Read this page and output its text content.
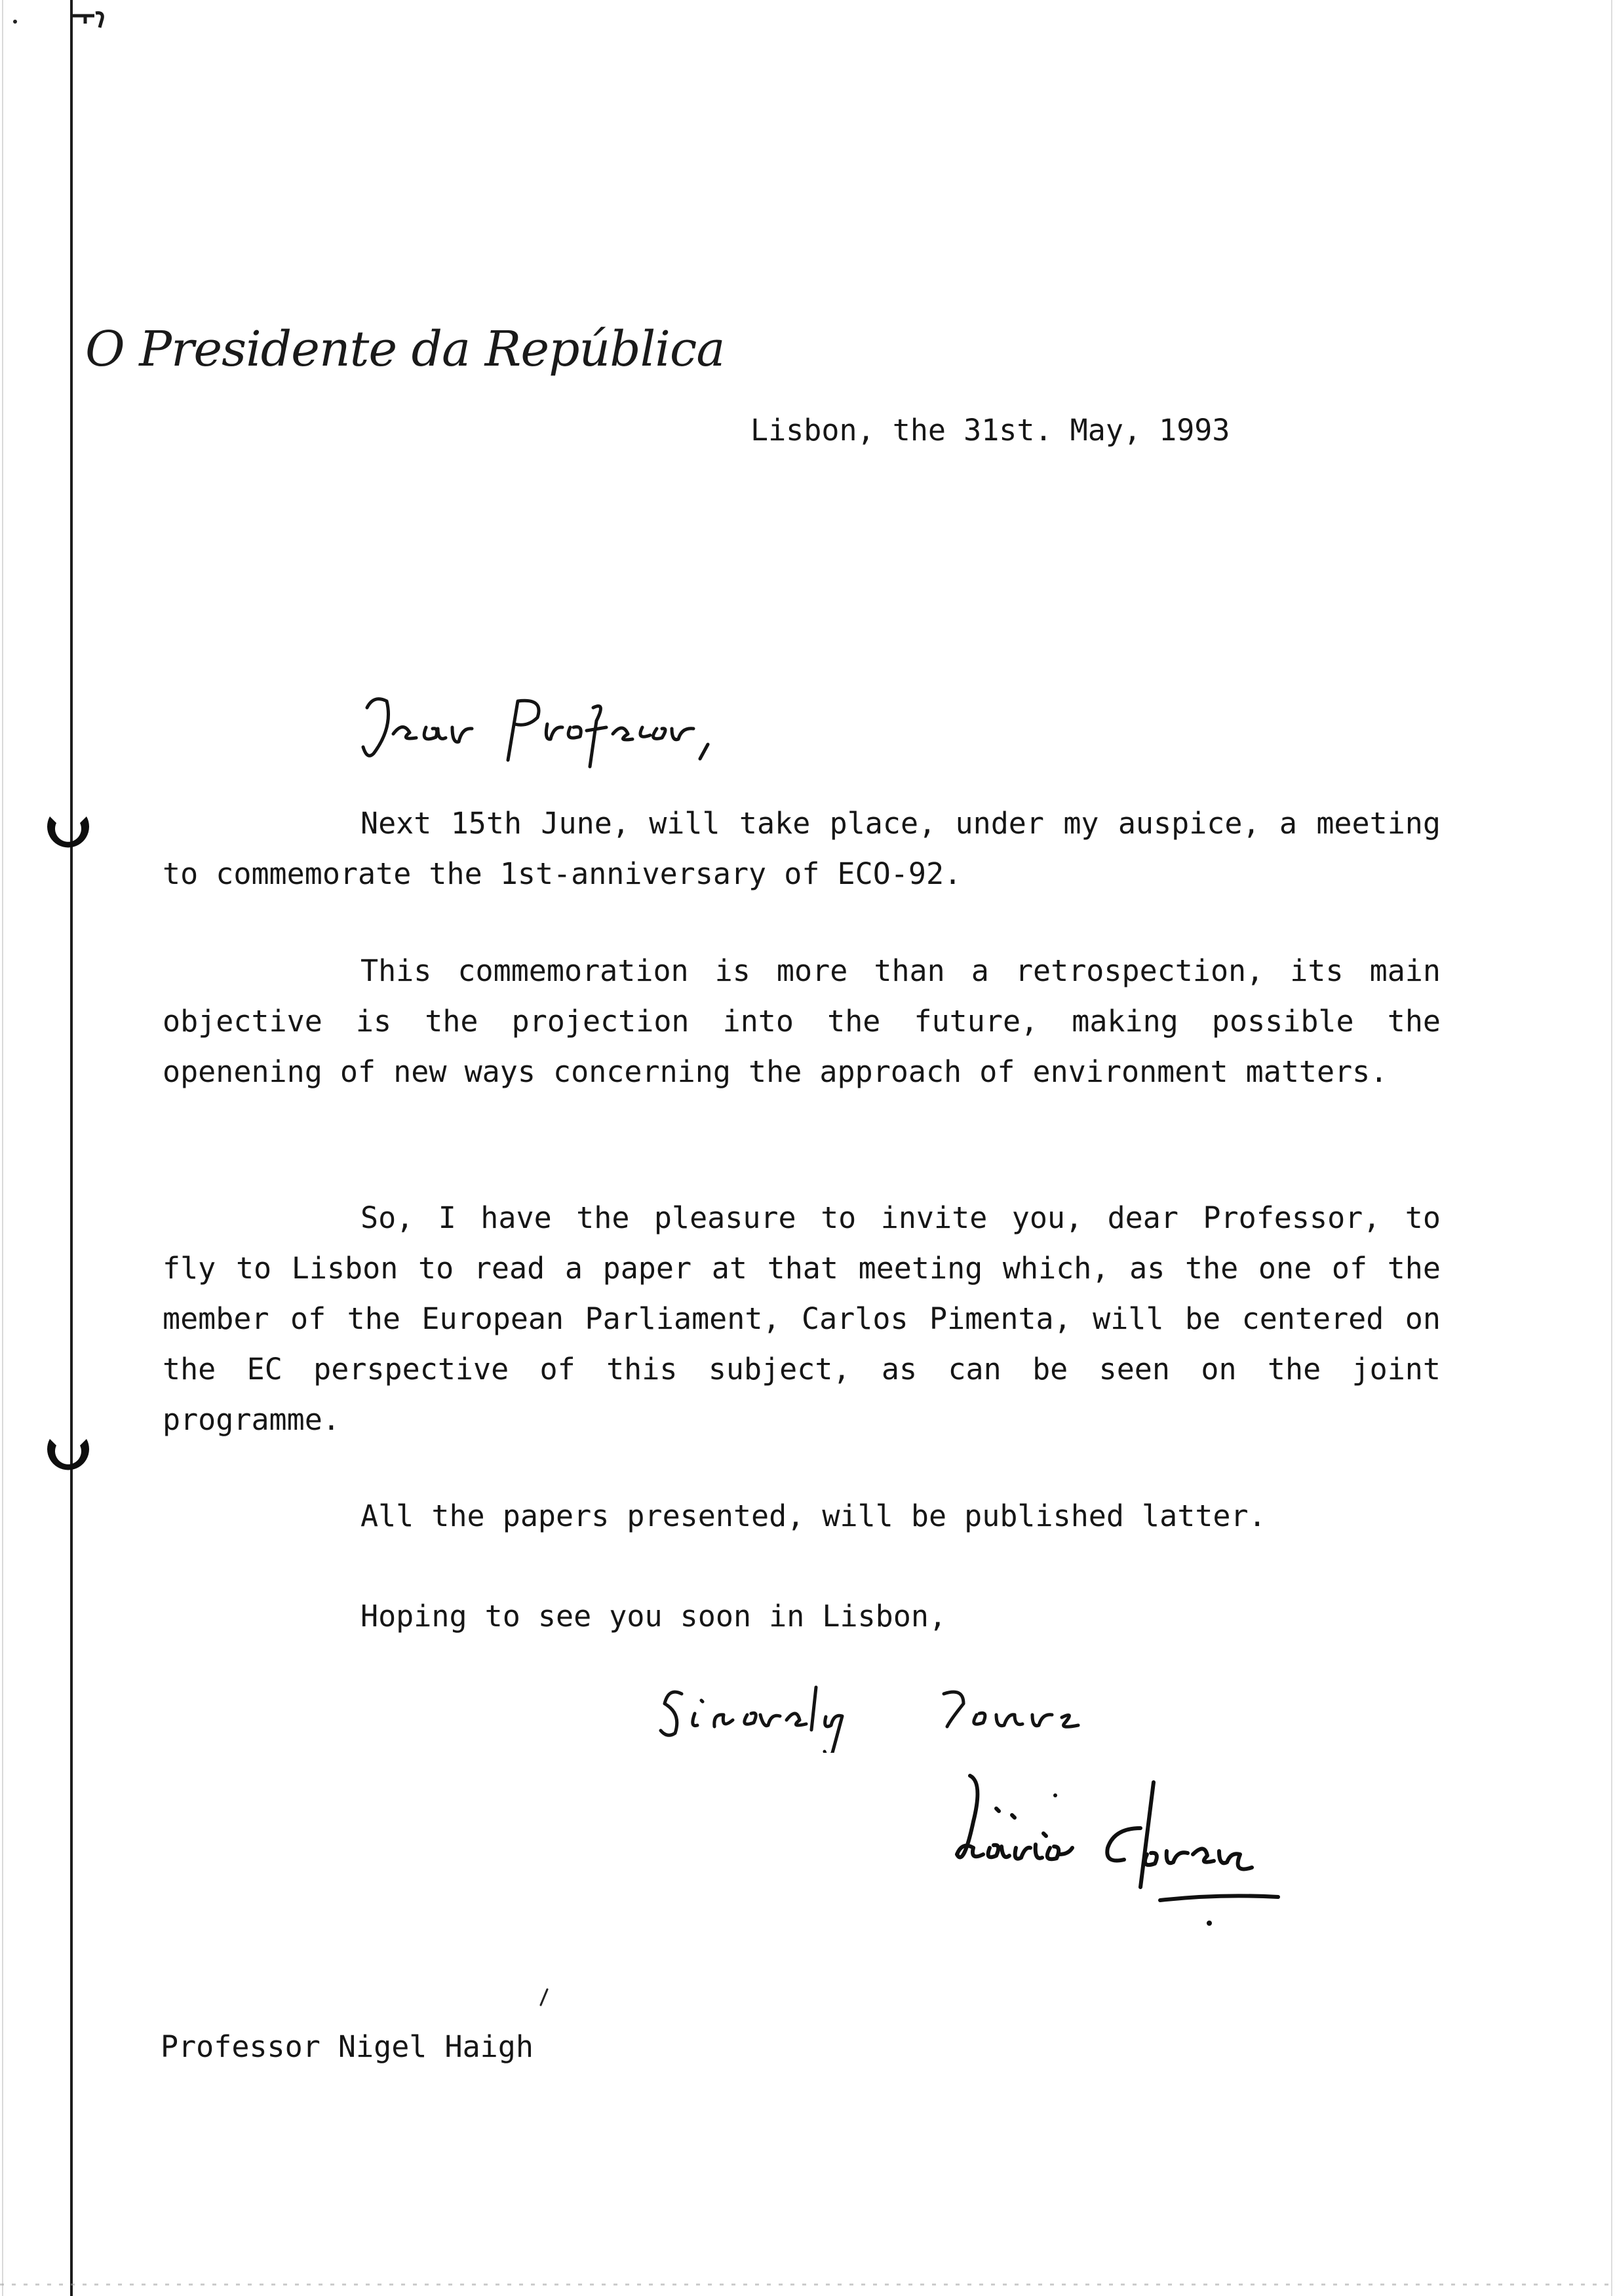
O Presidente da República
Lisbon, the 31st. May, 1993
Next 15th June, will take place, under my auspice, a meeting to commemorate the 1st-anniversary of ECO-92.
This commemoration is more than a retrospection, its main objective is the projection into the future, making possible the openening of new ways concerning the approach of environment matters.
So, I have the pleasure to invite you, dear Professor, to fly to Lisbon to read a paper at that meeting which, as the one of the member of the European Parliament, Carlos Pimenta, will be centered on the EC perspective of this subject, as can be seen on the joint programme.
All the papers presented, will be published latter.
Hoping to see you soon in Lisbon,
Professor Nigel Haigh
